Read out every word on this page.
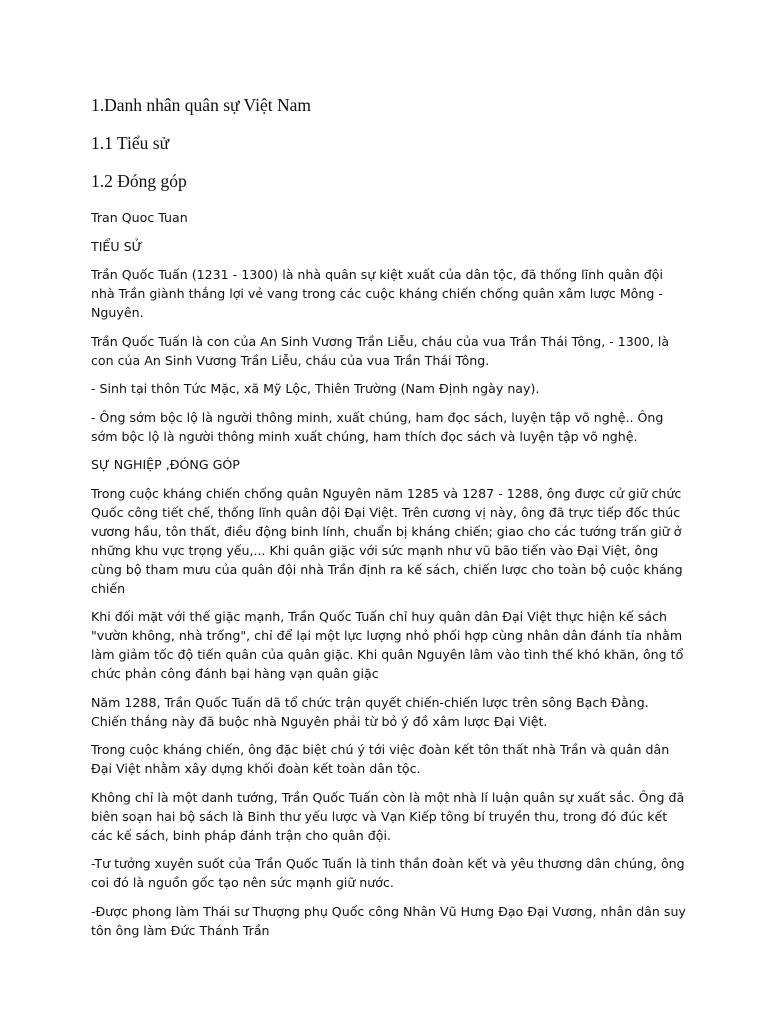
1.Danh nhân quân sự Việt Nam
1.1 Tiểu sử
1.2 Đóng góp

Tran Quoc Tuan

TIỂU SỬ

Trần Quốc Tuấn (1231 - 1300) là nhà quân sự kiệt xuất của dân tộc, đã thống lĩnh quân đội nhà Trần giành thắng lợi vẻ vang trong các cuộc kháng chiến chống quân xâm lược Mông - Nguyên.

Trần Quốc Tuấn là con của An Sinh Vương Trần Liễu, cháu của vua Trần Thái Tông, - 1300, là con của An Sinh Vương Trần Liễu, cháu của vua Trần Thái Tông.

- Sinh tại thôn Tức Mặc, xã Mỹ Lộc, Thiên Trường (Nam Định ngày nay).

- Ông sớm bộc lộ là người thông minh, xuất chúng, ham đọc sách, luyện tập võ nghệ.. Ông sớm bộc lộ là người thông minh xuất chúng, ham thích đọc sách và luyện tập võ nghệ.

SỰ NGHIỆP ,ĐÓNG GÓP

Trong cuộc kháng chiến chống quân Nguyên năm 1285 và 1287 - 1288, ông được cử giữ chức Quốc công tiết chế, thống lĩnh quân đội Đại Việt. Trên cương vị này, ông đã trực tiếp đốc thúc vương hầu, tôn thất, điều động binh lính, chuẩn bị kháng chiến; giao cho các tướng trấn giữ ở những khu vực trọng yếu,... Khi quân giặc với sức mạnh như vũ bão tiến vào Đại Việt, ông cùng bộ tham mưu của quân đội nhà Trần định ra kế sách, chiến lược cho toàn bộ cuộc kháng chiến

Khi đối mặt với thế giặc mạnh, Trần Quốc Tuấn chỉ huy quân dân Đại Việt thực hiện kế sách "vườn không, nhà trống", chỉ để lại một lực lượng nhỏ phối hợp cùng nhân dân đánh tỉa nhằm làm giảm tốc độ tiến quân của quân giặc. Khi quân Nguyên lâm vào tình thế khó khăn, ông tổ chức phản công đánh bại hàng vạn quân giặc

Năm 1288, Trần Quốc Tuấn dã tổ chức trận quyết chiến-chiến lược trên sông Bạch Đằng. Chiến thắng này đã buộc nhà Nguyên phải từ bỏ ý đồ xâm lược Đại Việt.

Trong cuộc kháng chiến, ông đặc biệt chú ý tới việc đoàn kết tôn thất nhà Trần và quân dân Đại Việt nhằm xây dựng khối đoàn kết toàn dân tộc.

Không chỉ là một danh tướng, Trần Quốc Tuấn còn là một nhà lí luận quân sự xuất sắc. Ông đã biên soạn hai bộ sách là Binh thư yếu lược và Vạn Kiếp tông bí truyền thu, trong đó đúc kết các kế sách, binh pháp đánh trận cho quân đội.

-Tư tưởng xuyên suốt của Trần Quốc Tuấn là tinh thần đoàn kết và yêu thương dân chúng, ông coi đó là nguồn gốc tạo nên sức mạnh giữ nước.

-Được phong làm Thái sư Thượng phụ Quốc công Nhân Vũ Hưng Đạo Đại Vương, nhân dân suy tôn ông làm Đức Thánh Trần
